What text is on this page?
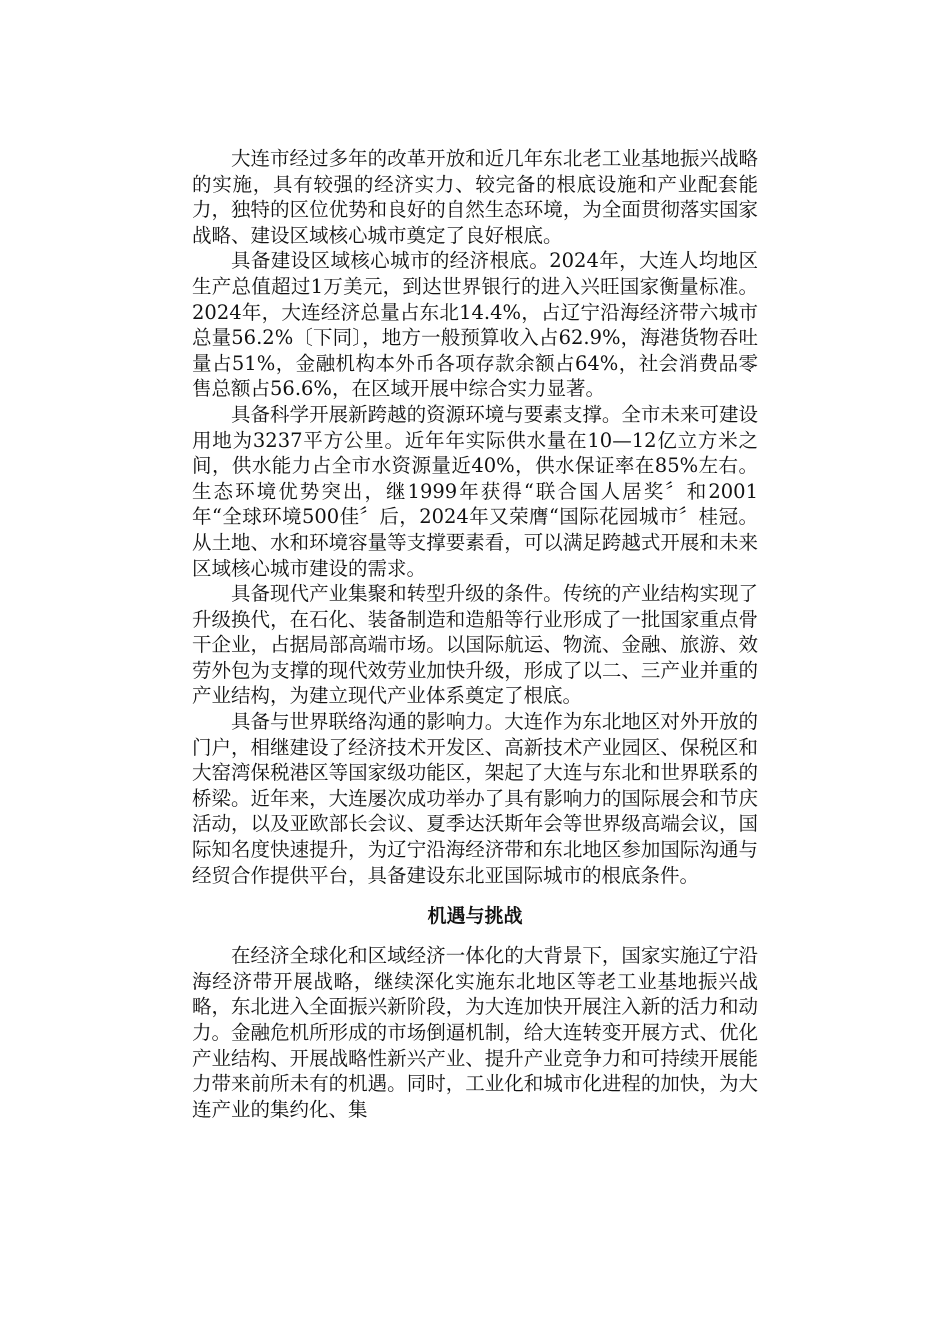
大连市经过多年的改革开放和近几年东北老工业基地振兴战略的实施，具有较强的经济实力、较完备的根底设施和产业配套能力，独特的区位优势和良好的自然生态环境，为全面贯彻落实国家战略、建设区域核心城市奠定了良好根底。

具备建设区域核心城市的经济根底。2024年，大连人均地区生产总值超过1万美元，到达世界银行的进入兴旺国家衡量标准。2024年，大连经济总量占东北14.4%，占辽宁沿海经济带六城市总量56.2%〔下同〕，地方一般预算收入占62.9%，海港货物吞吐量占51%，金融机构本外币各项存款余额占64%，社会消费品零售总额占56.6%，在区域开展中综合实力显著。

具备科学开展新跨越的资源环境与要素支撑。全市未来可建设用地为3237平方公里。近年年实际供水量在10—12亿立方米之间，供水能力占全市水资源量近40%，供水保证率在85%左右。生态环境优势突出，继1999年获得“联合国人居奖〞和2001年“全球环境500佳〞后，2024年又荣膺“国际花园城市〞桂冠。从土地、水和环境容量等支撑要素看，可以满足跨越式开展和未来区域核心城市建设的需求。

具备现代产业集聚和转型升级的条件。传统的产业结构实现了升级换代，在石化、装备制造和造船等行业形成了一批国家重点骨干企业，占据局部高端市场。以国际航运、物流、金融、旅游、效劳外包为支撑的现代效劳业加快升级，形成了以二、三产业并重的产业结构，为建立现代产业体系奠定了根底。

具备与世界联络沟通的影响力。大连作为东北地区对外开放的门户，相继建设了经济技术开发区、高新技术产业园区、保税区和大窑湾保税港区等国家级功能区，架起了大连与东北和世界联系的桥梁。近年来，大连屡次成功举办了具有影响力的国际展会和节庆活动，以及亚欧部长会议、夏季达沃斯年会等世界级高端会议，国际知名度快速提升，为辽宁沿海经济带和东北地区参加国际沟通与经贸合作提供平台，具备建设东北亚国际城市的根底条件。

机遇与挑战

在经济全球化和区域经济一体化的大背景下，国家实施辽宁沿海经济带开展战略，继续深化实施东北地区等老工业基地振兴战略，东北进入全面振兴新阶段，为大连加快开展注入新的活力和动力。金融危机所形成的市场倒逼机制，给大连转变开展方式、优化产业结构、开展战略性新兴产业、提升产业竞争力和可持续开展能力带来前所未有的机遇。同时，工业化和城市化进程的加快，为大连产业的集约化、集
